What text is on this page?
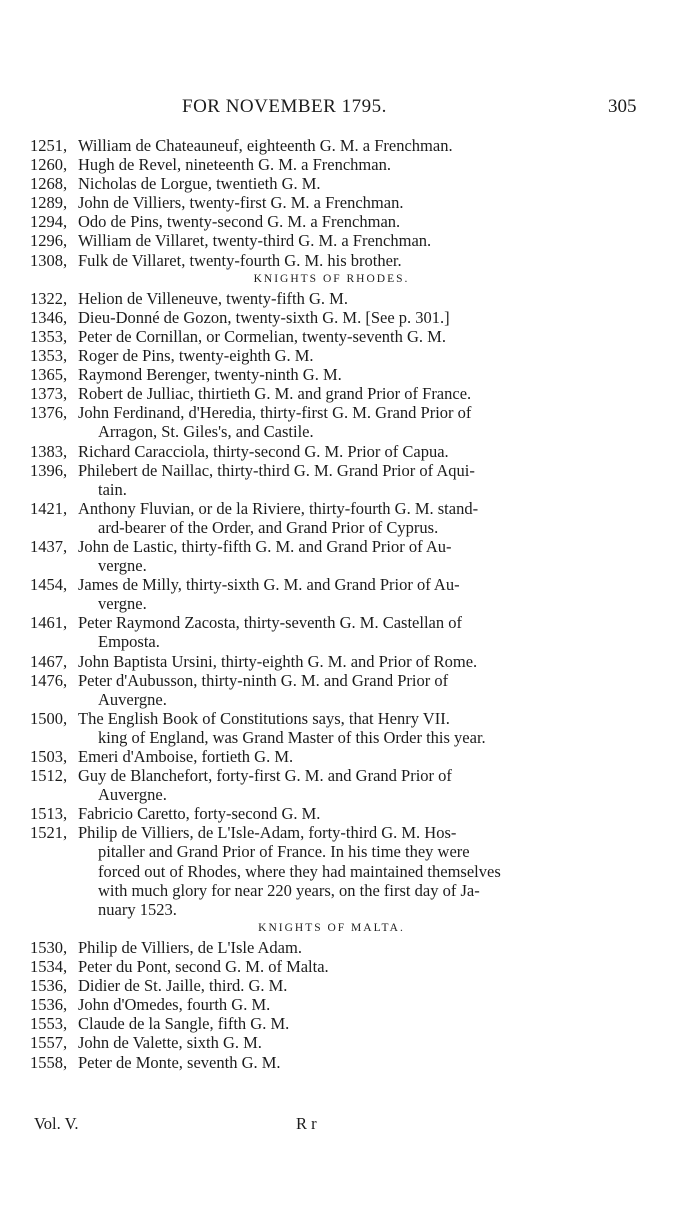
FOR NOVEMBER 1795.	305
1251, William de Chateauneuf, eighteenth G. M. a Frenchman.
1260, Hugh de Revel, nineteenth G. M. a Frenchman.
1268, Nicholas de Lorgue, twentieth G. M.
1289, John de Villiers, twenty-first G. M. a Frenchman.
1294, Odo de Pins, twenty-second G. M. a Frenchman.
1296, William de Villaret, twenty-third G. M. a Frenchman.
1308, Fulk de Villaret, twenty-fourth G. M. his brother.
KNIGHTS OF RHODES.
1322, Helion de Villeneuve, twenty-fifth G. M.
1346, Dieu-Donné de Gozon, twenty-sixth G. M. [See p. 301.]
1353, Peter de Cornillan, or Cormelian, twenty-seventh G. M.
1353, Roger de Pins, twenty-eighth G. M.
1365, Raymond Berenger, twenty-ninth G. M.
1373, Robert de Julliac, thirtieth G. M. and grand Prior of France.
1376, John Ferdinand, d'Heredia, thirty-first G. M. Grand Prior of
Arragon, St. Giles's, and Castile.
1383, Richard Caracciola, thirty-second G. M. Prior of Capua.
1396, Philebert de Naillac, thirty-third G. M. Grand Prior of Aqui-
tain.
1421, Anthony Fluvian, or de la Riviere, thirty-fourth G. M. stand-
ard-bearer of the Order, and Grand Prior of Cyprus.
1437, John de Lastic, thirty-fifth G. M. and Grand Prior of Au-
vergne.
1454, James de Milly, thirty-sixth G. M. and Grand Prior of Au-
vergne.
1461, Peter Raymond Zacosta, thirty-seventh G. M. Castellan of
Emposta.
1467, John Baptista Ursini, thirty-eighth G. M. and Prior of Rome.
1476, Peter d'Aubusson, thirty-ninth G. M. and Grand Prior of
Auvergne.
1500, The English Book of Constitutions says, that Henry VII.
king of England, was Grand Master of this Order this year.
1503, Emeri d'Amboise, fortieth G. M.
1512, Guy de Blanchefort, forty-first G. M. and Grand Prior of
Auvergne.
1513, Fabricio Caretto, forty-second G. M.
1521, Philip de Villiers, de L'Isle-Adam, forty-third G. M. Hos-
pitaller and Grand Prior of France. In his time they were
forced out of Rhodes, where they had maintained themselves
with much glory for near 220 years, on the first day of Ja-
nuary 1523.
KNIGHTS OF MALTA.
1530, Philip de Villiers, de L'Isle Adam.
1534, Peter du Pont, second G. M. of Malta.
1536, Didier de St. Jaille, third. G. M.
1536, John d'Omedes, fourth G. M.
1553, Claude de la Sangle, fifth G. M.
1557, John de Valette, sixth G. M.
1558, Peter de Monte, seventh G. M.
Vol. V.	R r
